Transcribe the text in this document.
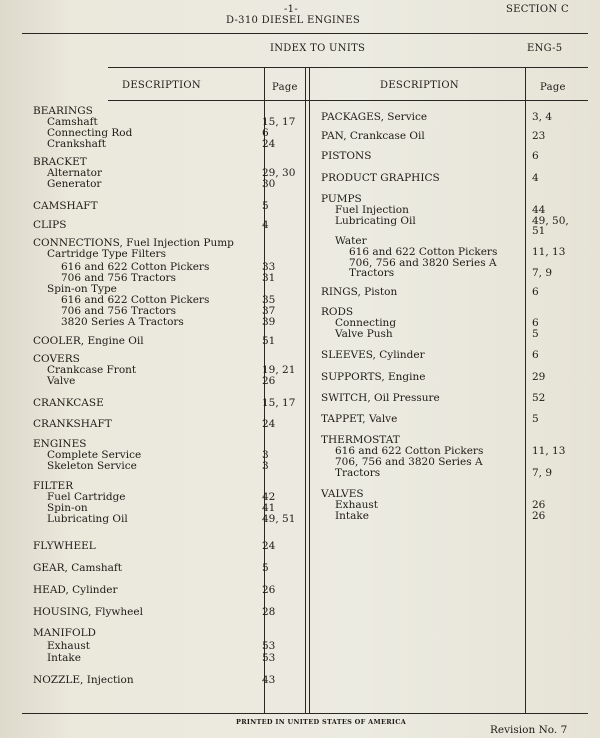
-1-
D-310 DIESEL ENGINES
SECTION C
INDEX TO UNITS	ENG-5
DESCRIPTION	Page	DESCRIPTION	Page
BEARINGS
Camshaft	15, 17
Connecting Rod	6
Crankshaft	24
BRACKET
Alternator	29, 30
Generator	30
CAMSHAFT	5
CLIPS	4
CONNECTIONS, Fuel Injection Pump
Cartridge Type Filters
616 and 622 Cotton Pickers	33
706 and 756 Tractors	31
Spin-on Type
616 and 622 Cotton Pickers	35
706 and 756 Tractors	37
3820 Series A Tractors	39
COOLER, Engine Oil	51
COVERS
Crankcase Front	19, 21
Valve	26
CRANKCASE	15, 17
CRANKSHAFT	24
ENGINES
Complete Service	3
Skeleton Service	3
FILTER
Fuel Cartridge	42
Spin-on	41
Lubricating Oil	49, 51
FLYWHEEL	24
GEAR, Camshaft	5
HEAD, Cylinder	26
HOUSING, Flywheel	28
MANIFOLD
Exhaust	53
Intake	53
NOZZLE, Injection	43
PACKAGES, Service	3, 4
PAN, Crankcase Oil	23
PISTONS	6
PRODUCT GRAPHICS	4
PUMPS
Fuel Injection	44
Lubricating Oil	49, 50,
51
Water
616 and 622 Cotton Pickers	11, 13
706, 756 and 3820 Series A
Tractors	7, 9
RINGS, Piston	6
RODS
Connecting	6
Valve Push	5
SLEEVES, Cylinder	6
SUPPORTS, Engine	29
SWITCH, Oil Pressure	52
TAPPET, Valve	5
THERMOSTAT
616 and 622 Cotton Pickers	11, 13
706, 756 and 3820 Series A
Tractors	7, 9
VALVES
Exhaust	26
Intake	26
PRINTED IN UNITED STATES OF AMERICA
Revision No. 7
